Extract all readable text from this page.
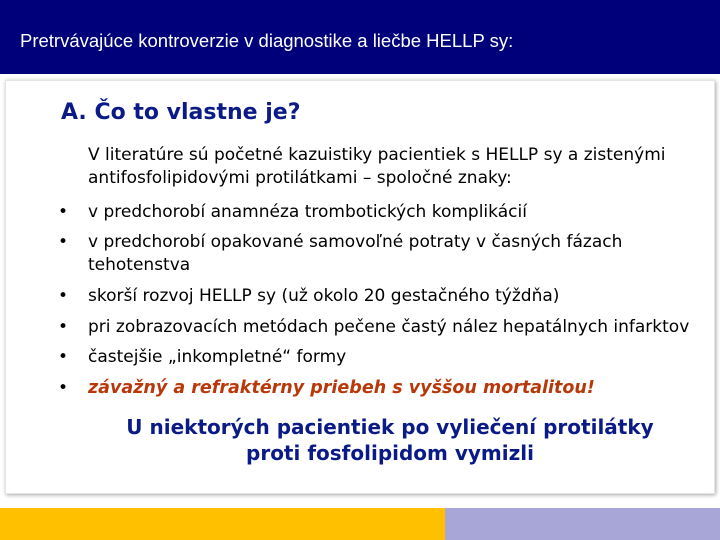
Pretrvávajúce kontroverzie v diagnostike a liečbe HELLP sy:
A. Čo to vlastne je?
V literatúre sú početné kazuistiky pacientiek s HELLP sy a zistenými
antifosfolipidovými protilátkami – spoločné znaky:
• v predchorobí anamnéza trombotických komplikácií
• v predchorobí opakované samovoľné potraty v časných fázach tehotenstva
• skorší rozvoj HELLP sy (už okolo 20 gestačného týždňa)
• pri zobrazovacích metódach pečene častý nález hepatálnych infarktov
• častejšie „inkompletné“ formy
• závažný a refraktérny priebeh s vyššou mortalitou!
U niektorých pacientiek po vyliečení protilátky
proti fosfolipidom vymizli
